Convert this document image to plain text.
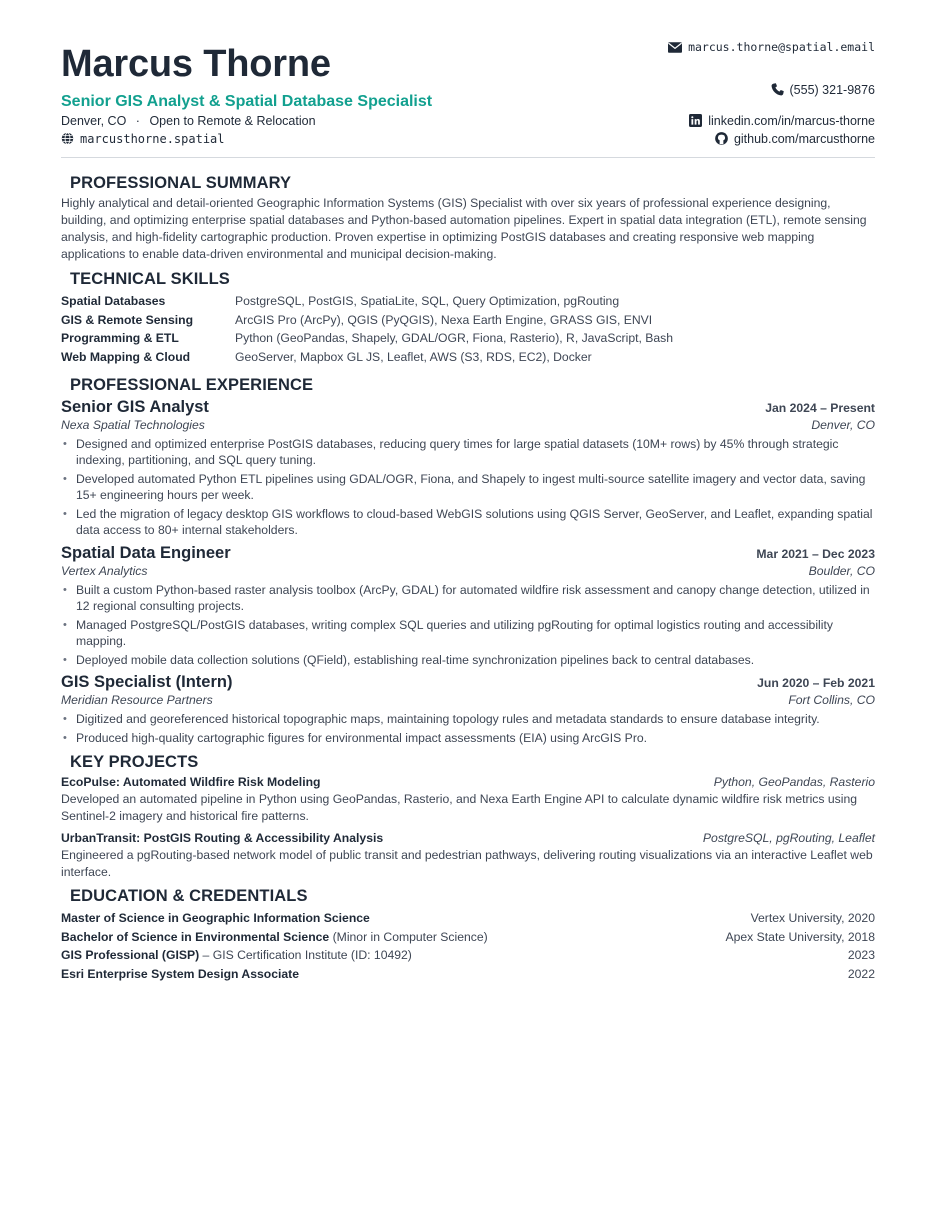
Marcus Thorne
Senior GIS Analyst & Spatial Database Specialist
Denver, CO · Open to Remote & Relocation
marcusthorne.spatial
marcus.thorne@spatial.email
(555) 321-9876
linkedin.com/in/marcus-thorne
github.com/marcusthorne
PROFESSIONAL SUMMARY
Highly analytical and detail-oriented Geographic Information Systems (GIS) Specialist with over six years of professional experience designing, building, and optimizing enterprise spatial databases and Python-based automation pipelines. Expert in spatial data integration (ETL), remote sensing analysis, and high-fidelity cartographic production. Proven expertise in optimizing PostGIS databases and creating responsive web mapping applications to enable data-driven environmental and municipal decision-making.
TECHNICAL SKILLS
Spatial Databases	PostgreSQL, PostGIS, SpatiaLite, SQL, Query Optimization, pgRouting
GIS & Remote Sensing	ArcGIS Pro (ArcPy), QGIS (PyQGIS), Nexa Earth Engine, GRASS GIS, ENVI
Programming & ETL	Python (GeoPandas, Shapely, GDAL/OGR, Fiona, Rasterio), R, JavaScript, Bash
Web Mapping & Cloud	GeoServer, Mapbox GL JS, Leaflet, AWS (S3, RDS, EC2), Docker
PROFESSIONAL EXPERIENCE
Senior GIS Analyst	Jan 2024 – Present
Nexa Spatial Technologies	Denver, CO
• Designed and optimized enterprise PostGIS databases, reducing query times for large spatial datasets (10M+ rows) by 45% through strategic indexing, partitioning, and SQL query tuning.
• Developed automated Python ETL pipelines using GDAL/OGR, Fiona, and Shapely to ingest multi-source satellite imagery and vector data, saving 15+ engineering hours per week.
• Led the migration of legacy desktop GIS workflows to cloud-based WebGIS solutions using QGIS Server, GeoServer, and Leaflet, expanding spatial data access to 80+ internal stakeholders.
Spatial Data Engineer	Mar 2021 – Dec 2023
Vertex Analytics	Boulder, CO
• Built a custom Python-based raster analysis toolbox (ArcPy, GDAL) for automated wildfire risk assessment and canopy change detection, utilized in 12 regional consulting projects.
• Managed PostgreSQL/PostGIS databases, writing complex SQL queries and utilizing pgRouting for optimal logistics routing and accessibility mapping.
• Deployed mobile data collection solutions (QField), establishing real-time synchronization pipelines back to central databases.
GIS Specialist (Intern)	Jun 2020 – Feb 2021
Meridian Resource Partners	Fort Collins, CO
• Digitized and georeferenced historical topographic maps, maintaining topology rules and metadata standards to ensure database integrity.
• Produced high-quality cartographic figures for environmental impact assessments (EIA) using ArcGIS Pro.
KEY PROJECTS
EcoPulse: Automated Wildfire Risk Modeling	Python, GeoPandas, Rasterio
Developed an automated pipeline in Python using GeoPandas, Rasterio, and Nexa Earth Engine API to calculate dynamic wildfire risk metrics using Sentinel-2 imagery and historical fire patterns.
UrbanTransit: PostGIS Routing & Accessibility Analysis	PostgreSQL, pgRouting, Leaflet
Engineered a pgRouting-based network model of public transit and pedestrian pathways, delivering routing visualizations via an interactive Leaflet web interface.
EDUCATION & CREDENTIALS
Master of Science in Geographic Information Science	Vertex University, 2020
Bachelor of Science in Environmental Science (Minor in Computer Science)	Apex State University, 2018
GIS Professional (GISP) – GIS Certification Institute (ID: 10492)	2023
Esri Enterprise System Design Associate	2022
